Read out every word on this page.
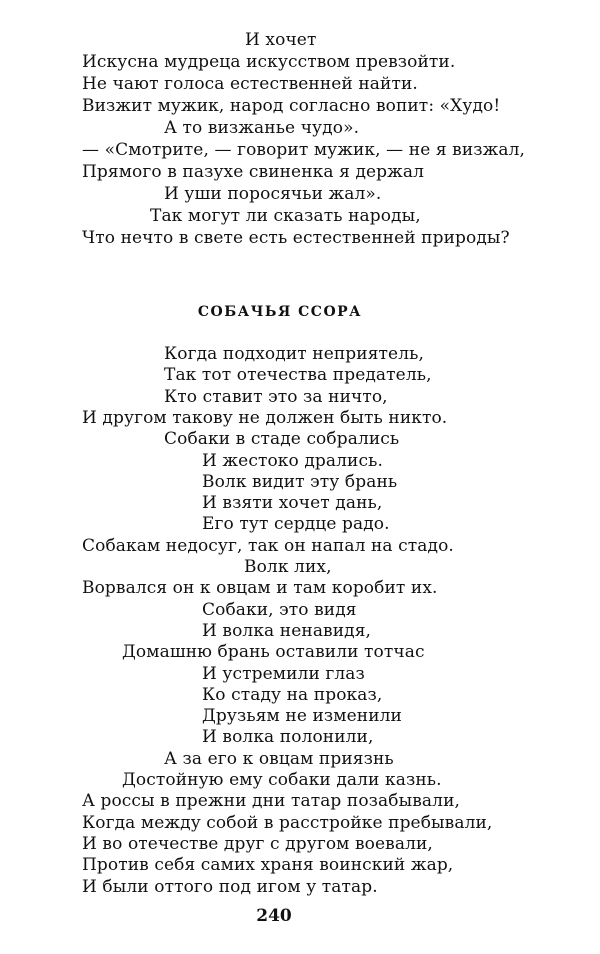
И хочет
Искусна мудреца искусством превзойти.
Не чают голоса естественней найти.
Визжит мужик, народ согласно вопит: «Худо!
А то визжанье чудо».
— «Смотрите, — говорит мужик, — не я визжал,
Прямого в пазухе свиненка я держал
И уши поросячьи жал».
Так могут ли сказать народы,
Что нечто в свете есть естественней природы?
СОБАЧЬЯ ССОРА
Когда подходит неприятель,
Так тот отечества предатель,
Кто ставит это за ничто,
И другом такову не должен быть никто.
Собаки в стаде собрались
И жестоко дрались.
Волк видит эту брань
И взяти хочет дань,
Его тут сердце радо.
Собакам недосуг, так он напал на стадо.
Волк лих,
Ворвался он к овцам и там коробит их.
Собаки, это видя
И волка ненавидя,
Домашню брань оставили тотчас
И устремили глаз
Ко стаду на проказ,
Друзьям не изменили
И волка полонили,
А за его к овцам приязнь
Достойную ему собаки дали казнь.
А россы в прежни дни татар позабывали,
Когда между собой в расстройке пребывали,
И во отечестве друг с другом воевали,
Против себя самих храня воинский жар,
И были оттого под игом у татар.
240
